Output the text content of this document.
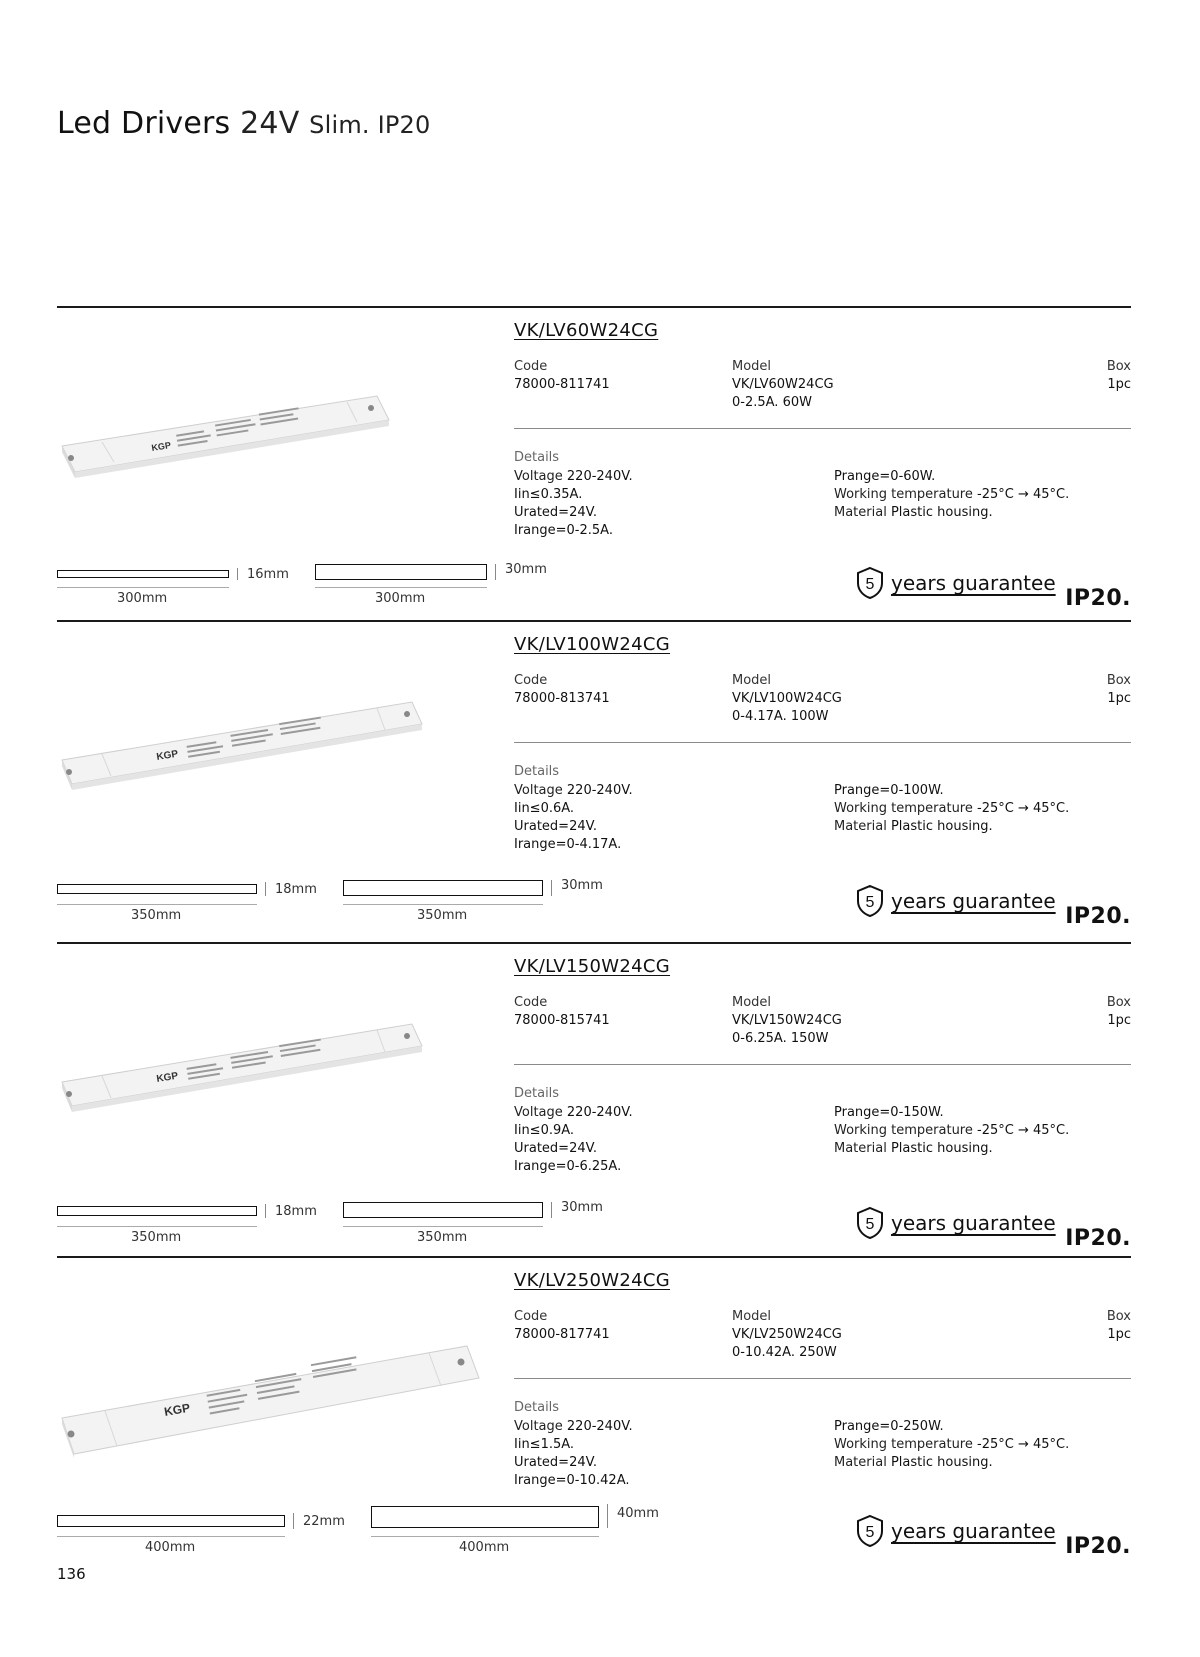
Led Drivers 24V Slim. IP20
KGP
VK/LV60W24CG
Code
78000-811741
Model
VK/LV60W24CG
0-2.5A. 60W
Box
1pc
Details
Voltage 220-240V.
Iin≤0.35A.
Urated=24V.
Irange=0-2.5A.
Prange=0-60W.
Working temperature -25°C → 45°C.
Material Plastic housing.
16mm
300mm
30mm
300mm
5 years guarantee
IP20.
KGP
VK/LV100W24CG
Code
78000-813741
Model
VK/LV100W24CG
0-4.17A. 100W
Box
1pc
Details
Voltage 220-240V.
Iin≤0.6A.
Urated=24V.
Irange=0-4.17A.
Prange=0-100W.
Working temperature -25°C → 45°C.
Material Plastic housing.
18mm
350mm
30mm
350mm
5 years guarantee
IP20.
KGP
VK/LV150W24CG
Code
78000-815741
Model
VK/LV150W24CG
0-6.25A. 150W
Box
1pc
Details
Voltage 220-240V.
Iin≤0.9A.
Urated=24V.
Irange=0-6.25A.
Prange=0-150W.
Working temperature -25°C → 45°C.
Material Plastic housing.
18mm
350mm
30mm
350mm
5 years guarantee
IP20.
KGP
VK/LV250W24CG
Code
78000-817741
Model
VK/LV250W24CG
0-10.42A. 250W
Box
1pc
Details
Voltage 220-240V.
Iin≤1.5A.
Urated=24V.
Irange=0-10.42A.
Prange=0-250W.
Working temperature -25°C → 45°C.
Material Plastic housing.
22mm
400mm
40mm
400mm
5 years guarantee
IP20.
136
